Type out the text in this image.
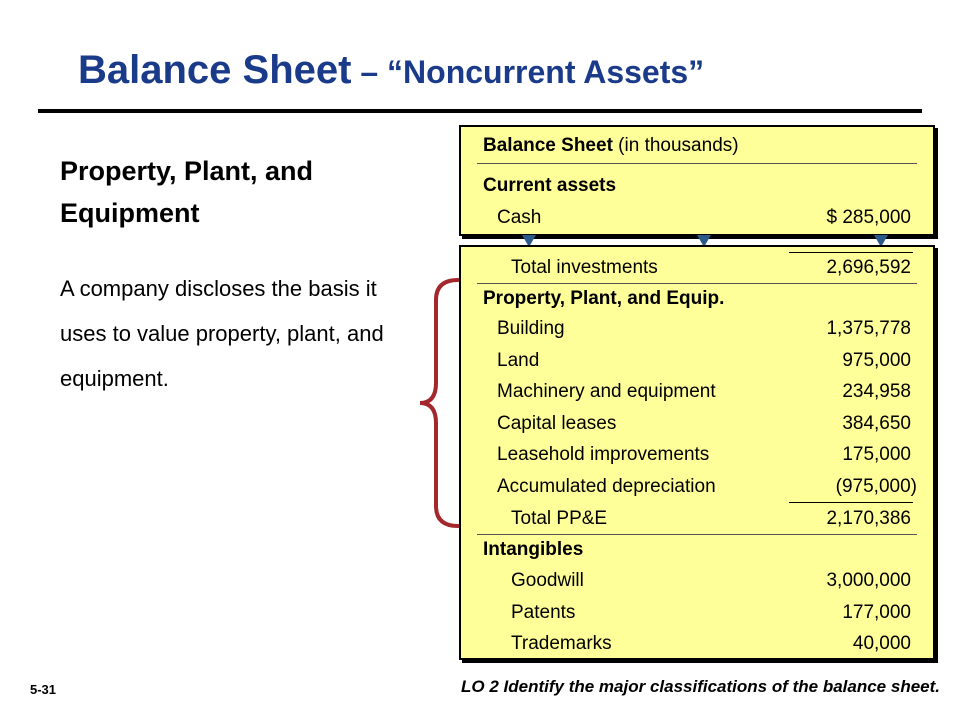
Balance Sheet – “Noncurrent Assets”
Property, Plant, and Equipment
A company discloses the basis it uses to value property, plant, and equipment.
Balance Sheet (in thousands)
Current assets
Cash	$ 285,000
Total investments	2,696,592
Property, Plant, and Equip.
Building	1,375,778
Land	975,000
Machinery and equipment	234,958
Capital leases	384,650
Leasehold improvements	175,000
Accumulated depreciation	(975,000)
Total PP&E	2,170,386
Intangibles
Goodwill	3,000,000
Patents	177,000
Trademarks	40,000
5-31	LO 2 Identify the major classifications of the balance sheet.
